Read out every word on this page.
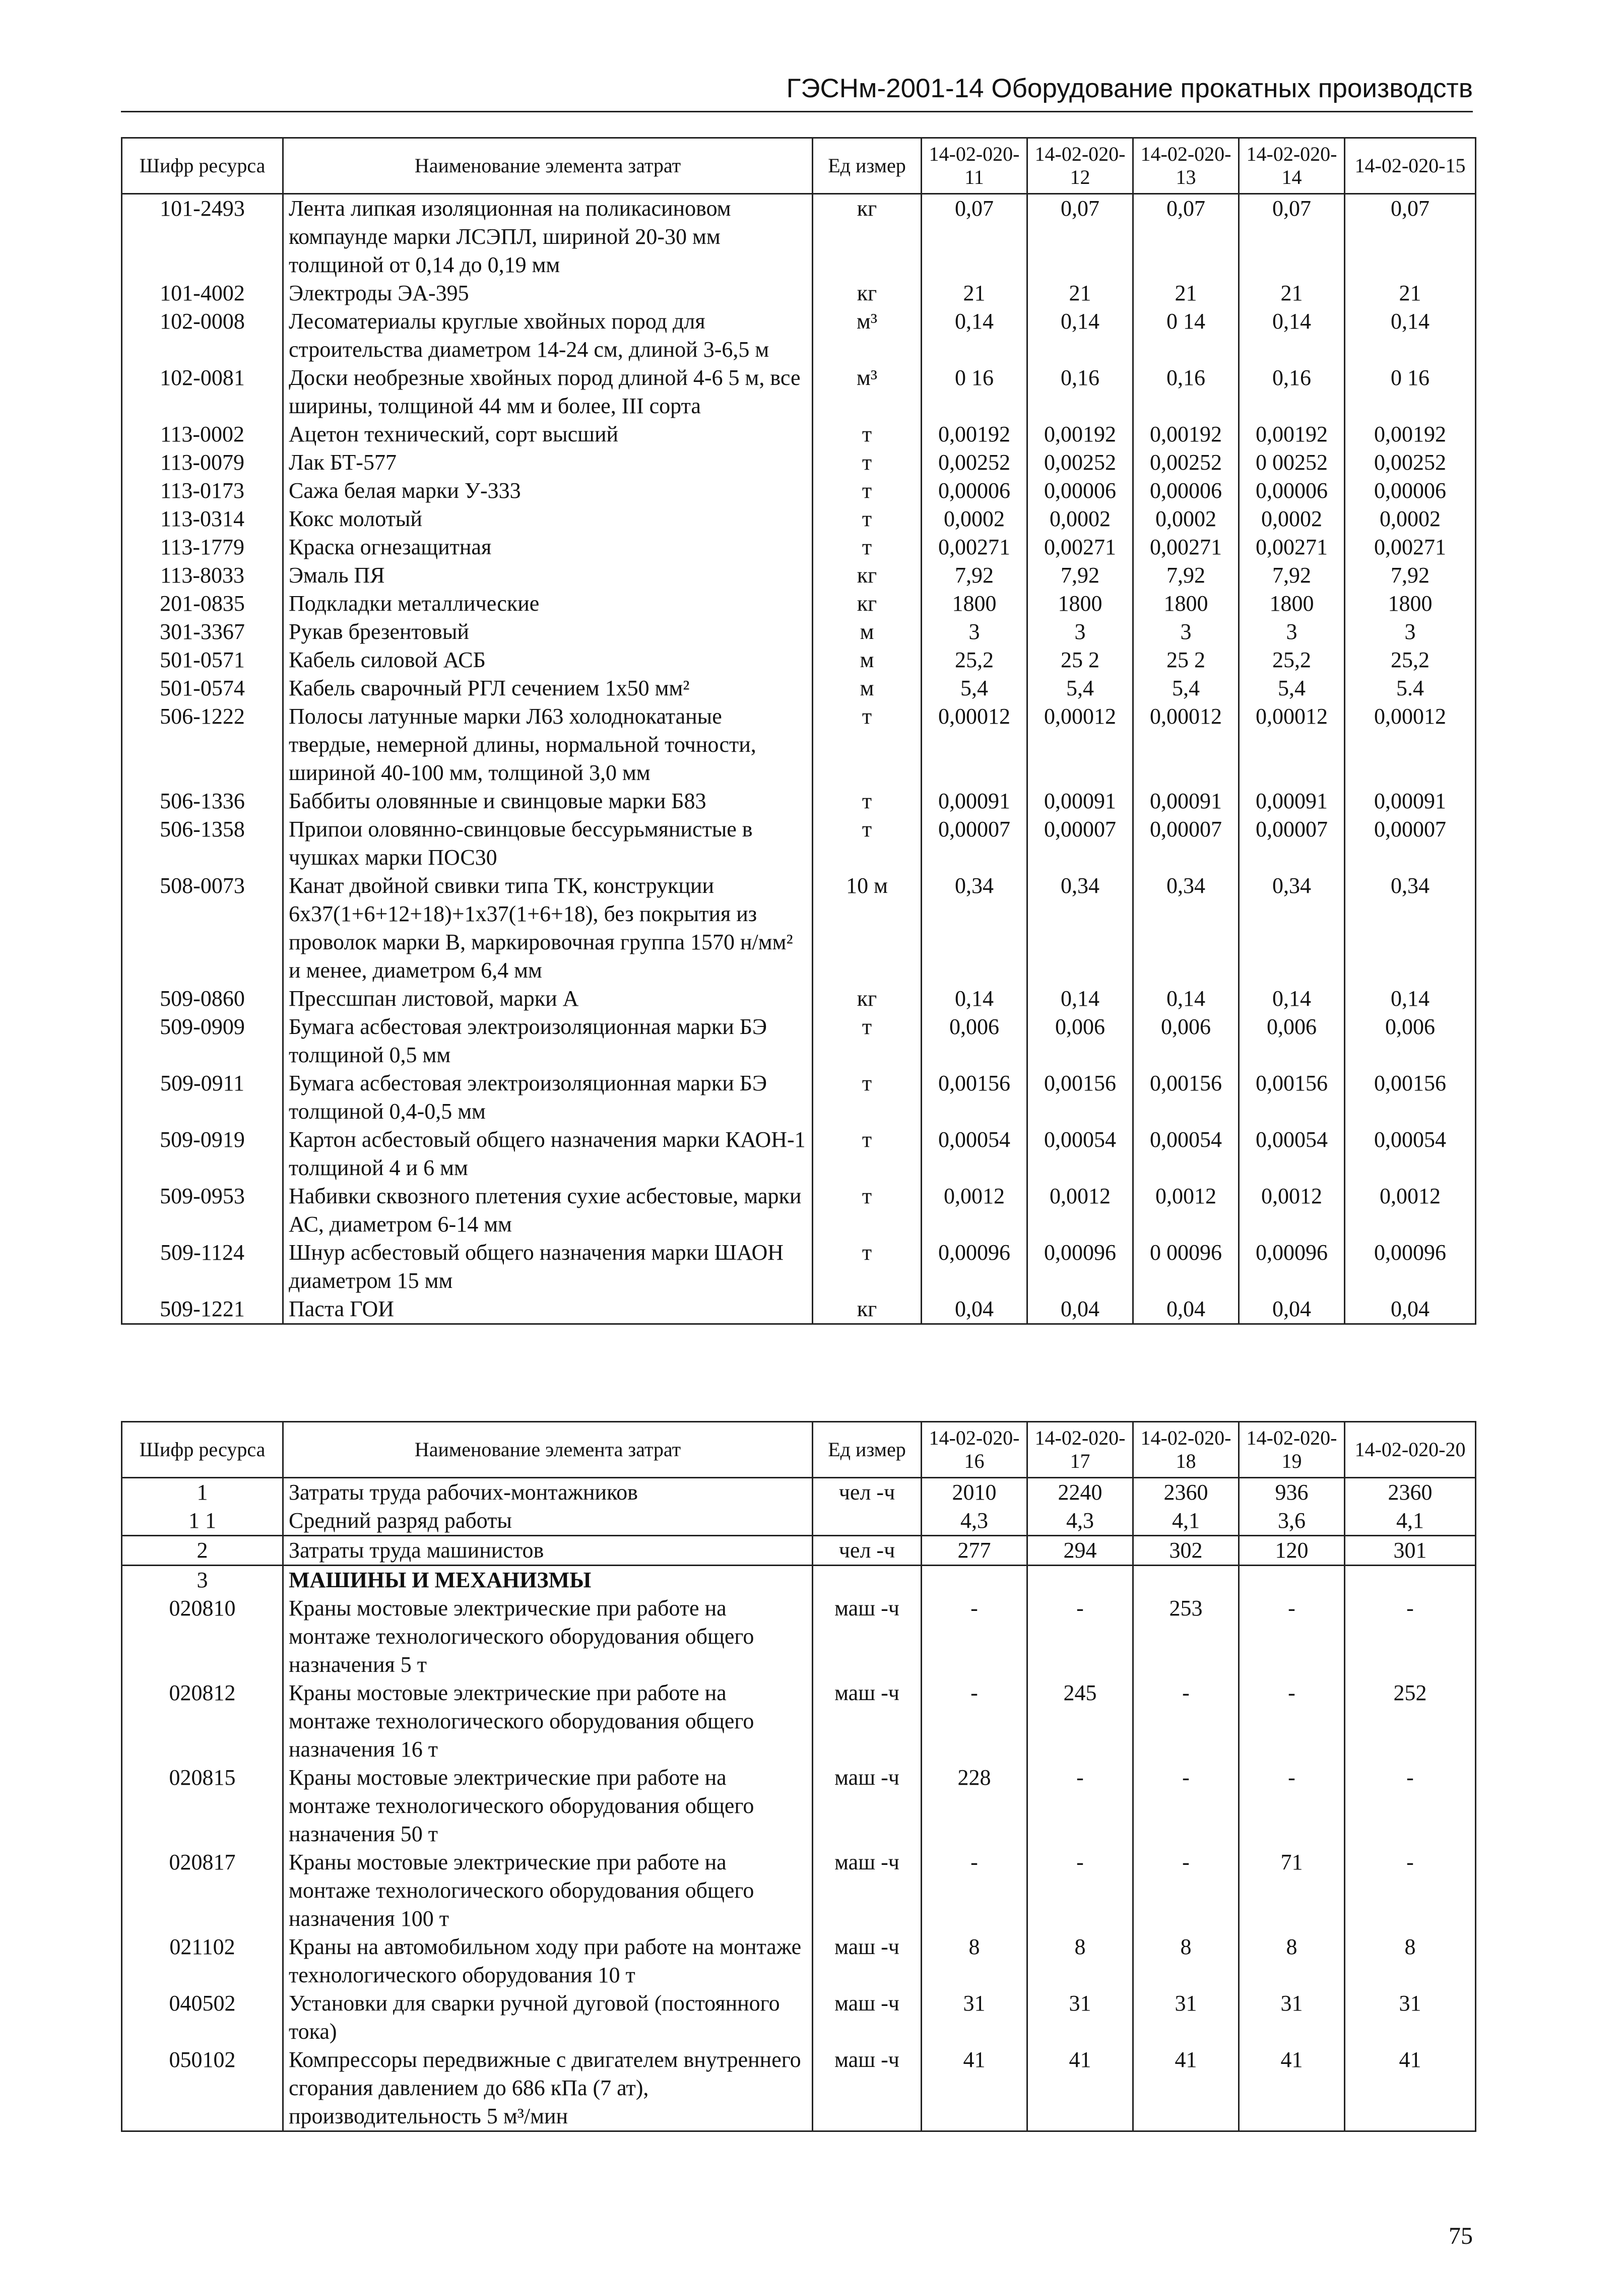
ГЭСНм-2001-14 Оборудование прокатных производств
Шифр ресурса	Наименование элемента затрат	Ед измер	14-02-020-11	14-02-020-12	14-02-020-13	14-02-020-14	14-02-020-15
101-2493	Лента липкая изоляционная на поликасиновом компаунде марки ЛСЭПЛ, шириной 20-30 мм толщиной от 0,14 до 0,19 мм	кг	0,07	0,07	0,07	0,07	0,07
101-4002	Электроды ЭА-395	кг	21	21	21	21	21
102-0008	Лесоматериалы круглые хвойных пород для строительства диаметром 14-24 см, длиной 3-6,5 м	м³	0,14	0,14	0 14	0,14	0,14
102-0081	Доски необрезные хвойных пород длиной 4-6 5 м, все ширины, толщиной 44 мм и более, III сорта	м³	0 16	0,16	0,16	0,16	0 16
113-0002	Ацетон технический, сорт высший	т	0,00192	0,00192	0,00192	0,00192	0,00192
113-0079	Лак БТ-577	т	0,00252	0,00252	0,00252	0 00252	0,00252
113-0173	Сажа белая марки У-333	т	0,00006	0,00006	0,00006	0,00006	0,00006
113-0314	Кокс молотый	т	0,0002	0,0002	0,0002	0,0002	0,0002
113-1779	Краска огнезащитная	т	0,00271	0,00271	0,00271	0,00271	0,00271
113-8033	Эмаль ПЯ	кг	7,92	7,92	7,92	7,92	7,92
201-0835	Подкладки металлические	кг	1800	1800	1800	1800	1800
301-3367	Рукав брезентовый	м	3	3	3	3	3
501-0571	Кабель силовой АСБ	м	25,2	25 2	25 2	25,2	25,2
501-0574	Кабель сварочный РГЛ сечением 1х50 мм²	м	5,4	5,4	5,4	5,4	5.4
506-1222	Полосы латунные марки Л63 холоднокатаные твердые, немерной длины, нормальной точности, шириной 40-100 мм, толщиной 3,0 мм	т	0,00012	0,00012	0,00012	0,00012	0,00012
506-1336	Баббиты оловянные и свинцовые марки Б83	т	0,00091	0,00091	0,00091	0,00091	0,00091
506-1358	Припои оловянно-свинцовые бессурьмянистые в чушках марки ПОС30	т	0,00007	0,00007	0,00007	0,00007	0,00007
508-0073	Канат двойной свивки типа ТК, конструкции 6х37(1+6+12+18)+1х37(1+6+18), без покрытия из проволок марки В, маркировочная группа 1570 н/мм² и менее, диаметром 6,4 мм	10 м	0,34	0,34	0,34	0,34	0,34
509-0860	Прессшпан листовой, марки А	кг	0,14	0,14	0,14	0,14	0,14
509-0909	Бумага асбестовая электроизоляционная марки БЭ толщиной 0,5 мм	т	0,006	0,006	0,006	0,006	0,006
509-0911	Бумага асбестовая электроизоляционная марки БЭ толщиной 0,4-0,5 мм	т	0,00156	0,00156	0,00156	0,00156	0,00156
509-0919	Картон асбестовый общего назначения марки КАОН-1 толщиной 4 и 6 мм	т	0,00054	0,00054	0,00054	0,00054	0,00054
509-0953	Набивки сквозного плетения сухие асбестовые, марки АС, диаметром 6-14 мм	т	0,0012	0,0012	0,0012	0,0012	0,0012
509-1124	Шнур асбестовый общего назначения марки ШАОН диаметром 15 мм	т	0,00096	0,00096	0 00096	0,00096	0,00096
509-1221	Паста ГОИ	кг	0,04	0,04	0,04	0,04	0,04
Шифр ресурса	Наименование элемента затрат	Ед измер	14-02-020-16	14-02-020-17	14-02-020-18	14-02-020-19	14-02-020-20
1	Затраты труда рабочих-монтажников	чел -ч	2010	2240	2360	936	2360
1 1	Средний разряд работы		4,3	4,3	4,1	3,6	4,1
2	Затраты труда машинистов	чел -ч	277	294	302	120	301
3	МАШИНЫ И МЕХАНИЗМЫ						
020810	Краны мостовые электрические при работе на монтаже технологического оборудования общего назначения 5 т	маш -ч	-	-	253	-	-
020812	Краны мостовые электрические при работе на монтаже технологического оборудования общего назначения 16 т	маш -ч	-	245	-	-	252
020815	Краны мостовые электрические при работе на монтаже технологического оборудования общего назначения 50 т	маш -ч	228	-	-	-	-
020817	Краны мостовые электрические при работе на монтаже технологического оборудования общего назначения 100 т	маш -ч	-	-	-	71	-
021102	Краны на автомобильном ходу при работе на монтаже технологического оборудования 10 т	маш -ч	8	8	8	8	8
040502	Установки для сварки ручной дуговой (постоянного тока)	маш -ч	31	31	31	31	31
050102	Компрессоры передвижные с двигателем внутреннего сгорания давлением до 686 кПа (7 ат), производительность 5 м³/мин	маш -ч	41	41	41	41	41
75
